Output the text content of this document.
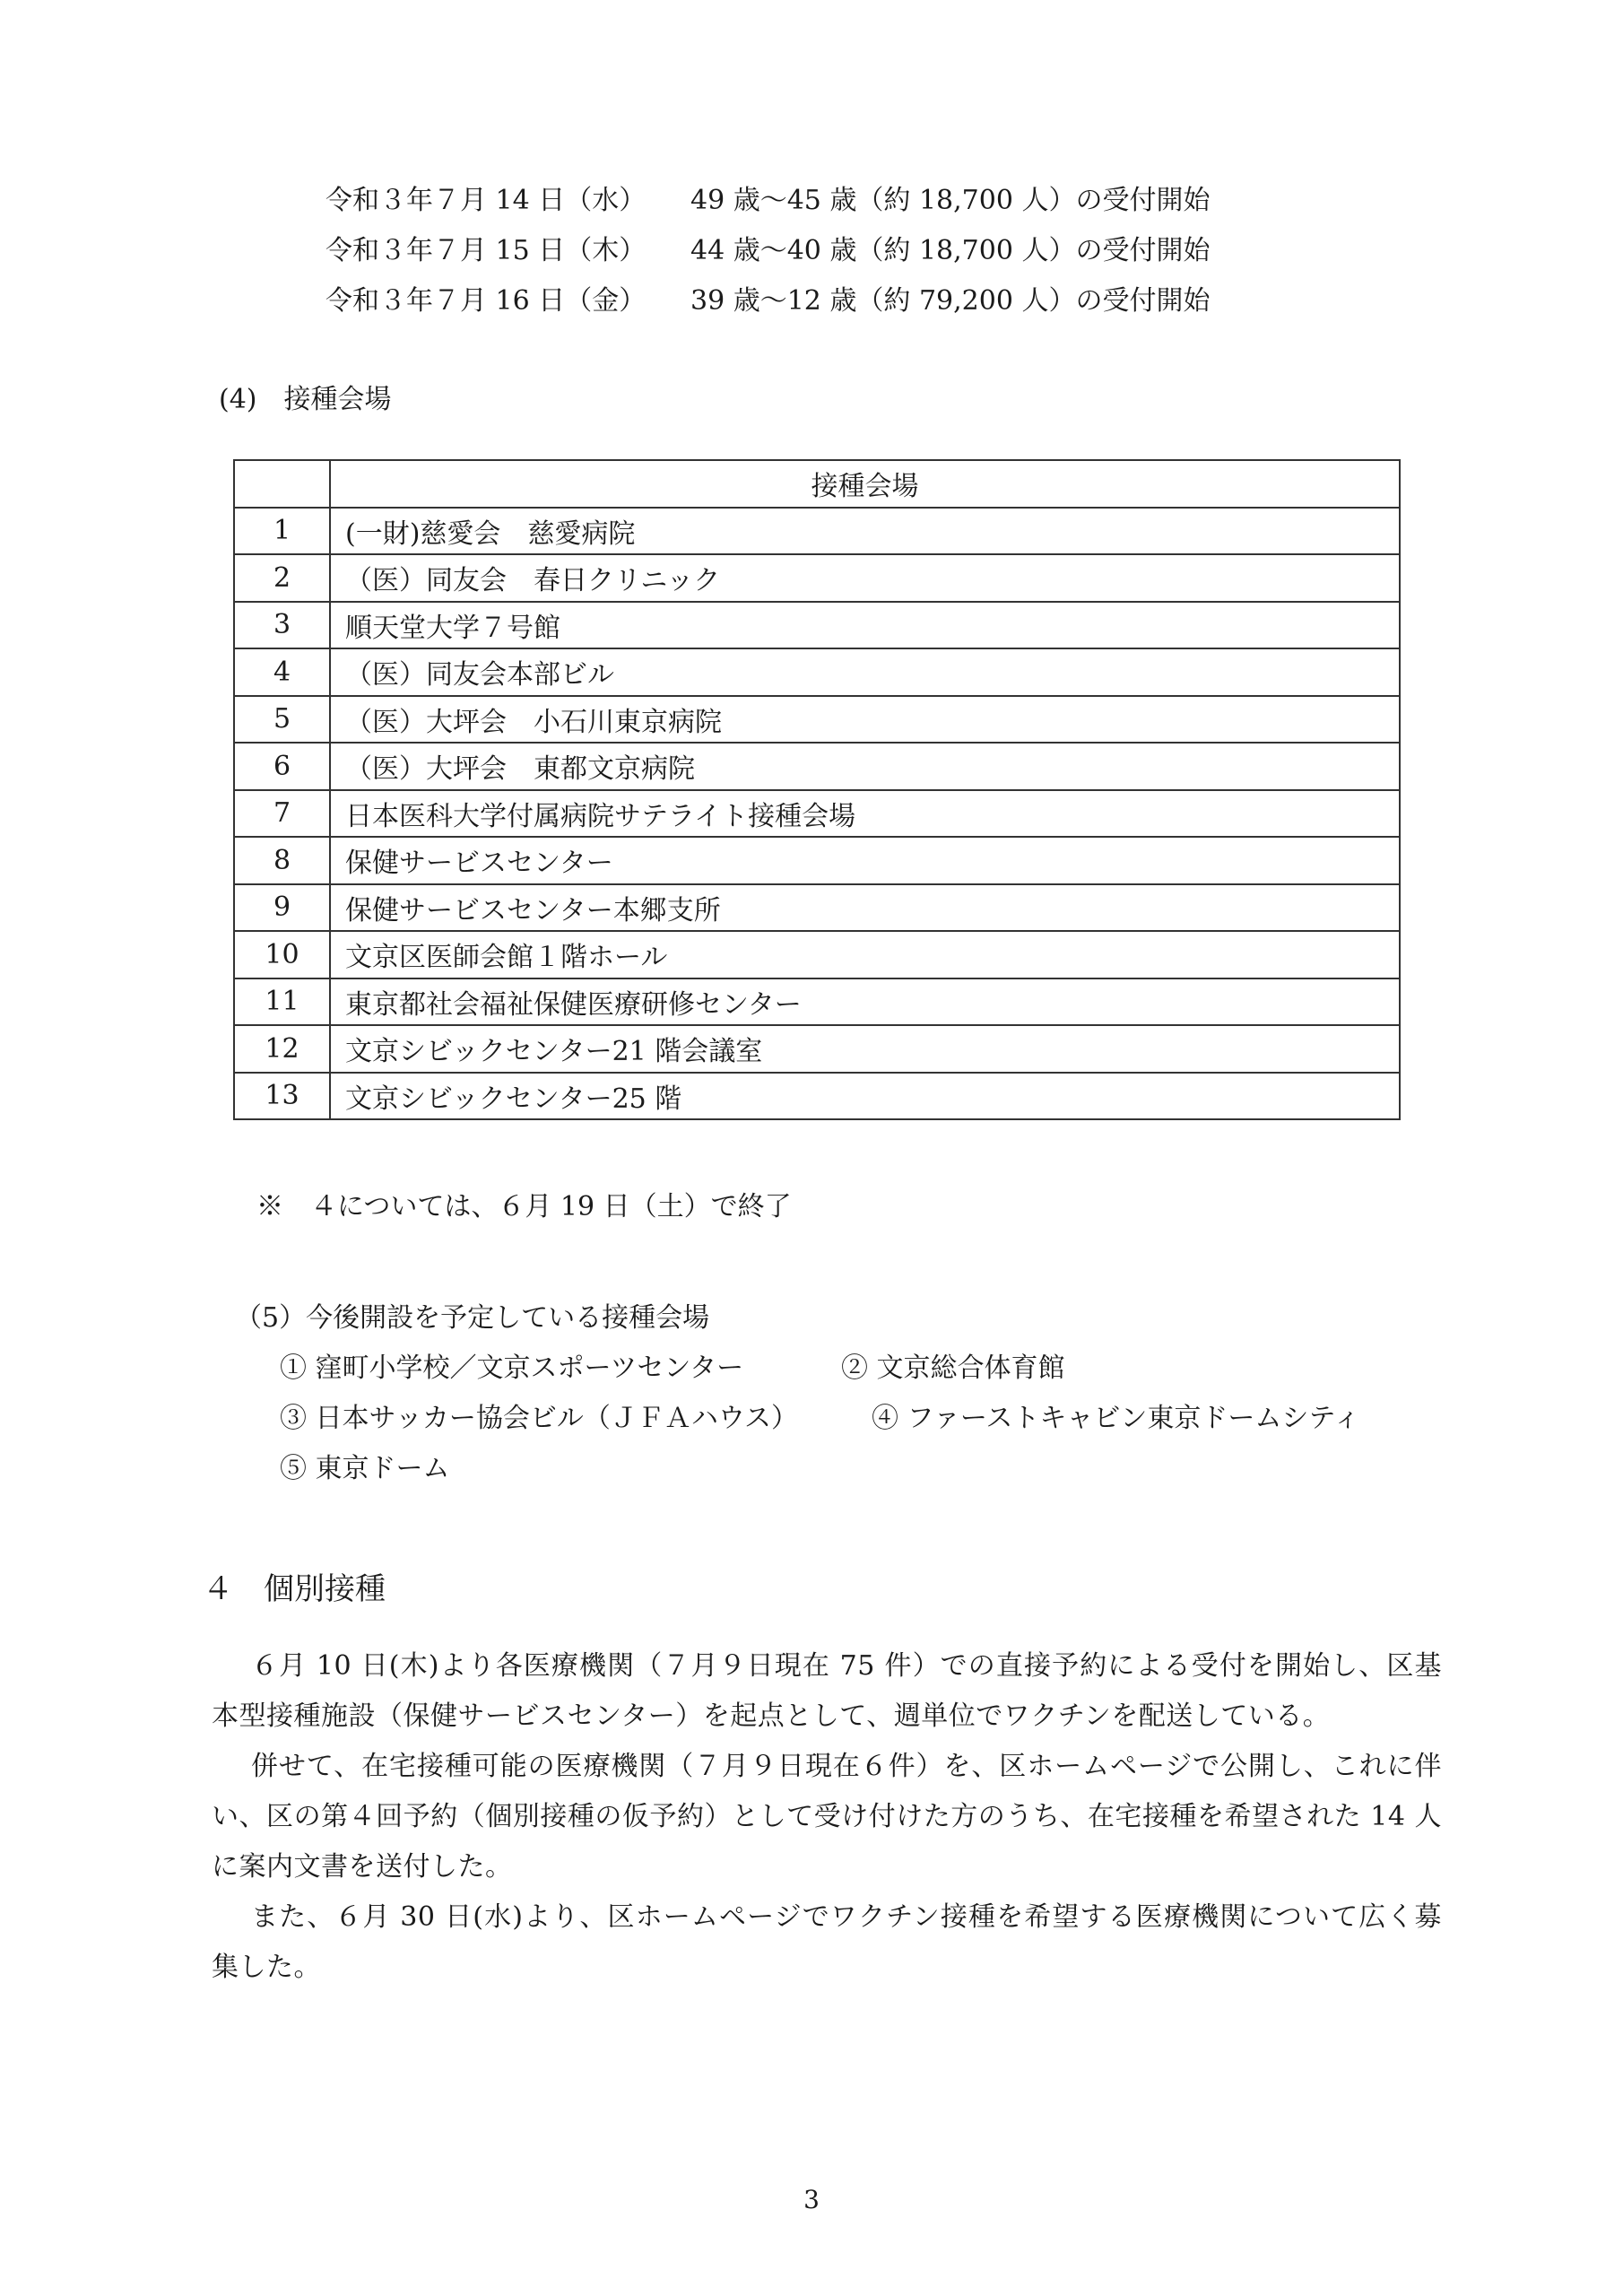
令和３年７月 14 日（水） 49 歳～45 歳（約 18,700 人）の受付開始
令和３年７月 15 日（木） 44 歳～40 歳（約 18,700 人）の受付開始
令和３年７月 16 日（金） 39 歳～12 歳（約 79,200 人）の受付開始
(4)　接種会場
	接種会場
1	(一財)慈愛会　慈愛病院
2	（医）同友会　春日クリニック
3	順天堂大学７号館
4	（医）同友会本部ビル
5	（医）大坪会　小石川東京病院
6	（医）大坪会　東都文京病院
7	日本医科大学付属病院サテライト接種会場
8	保健サービスセンター
9	保健サービスセンター本郷支所
10	文京区医師会館１階ホール
11	東京都社会福祉保健医療研修センター
12	文京シビックセンター21 階会議室
13	文京シビックセンター25 階
※　４については、６月 19 日（土）で終了
（5）今後開設を予定している接種会場
① 窪町小学校／文京スポーツセンター	② 文京総合体育館
③ 日本サッカー協会ビル（ＪＦＡハウス）	④ ファーストキャビン東京ドームシティ
⑤ 東京ドーム
４　個別接種
６月 10 日(木)より各医療機関（７月９日現在 75 件）での直接予約による受付を開始し、区基本型接種施設（保健サービスセンター）を起点として、週単位でワクチンを配送している。
併せて、在宅接種可能の医療機関（７月９日現在６件）を、区ホームページで公開し、これに伴い、区の第４回予約（個別接種の仮予約）として受け付けた方のうち、在宅接種を希望された 14 人に案内文書を送付した。
また、６月 30 日(水)より、区ホームページでワクチン接種を希望する医療機関について広く募集した。
3
